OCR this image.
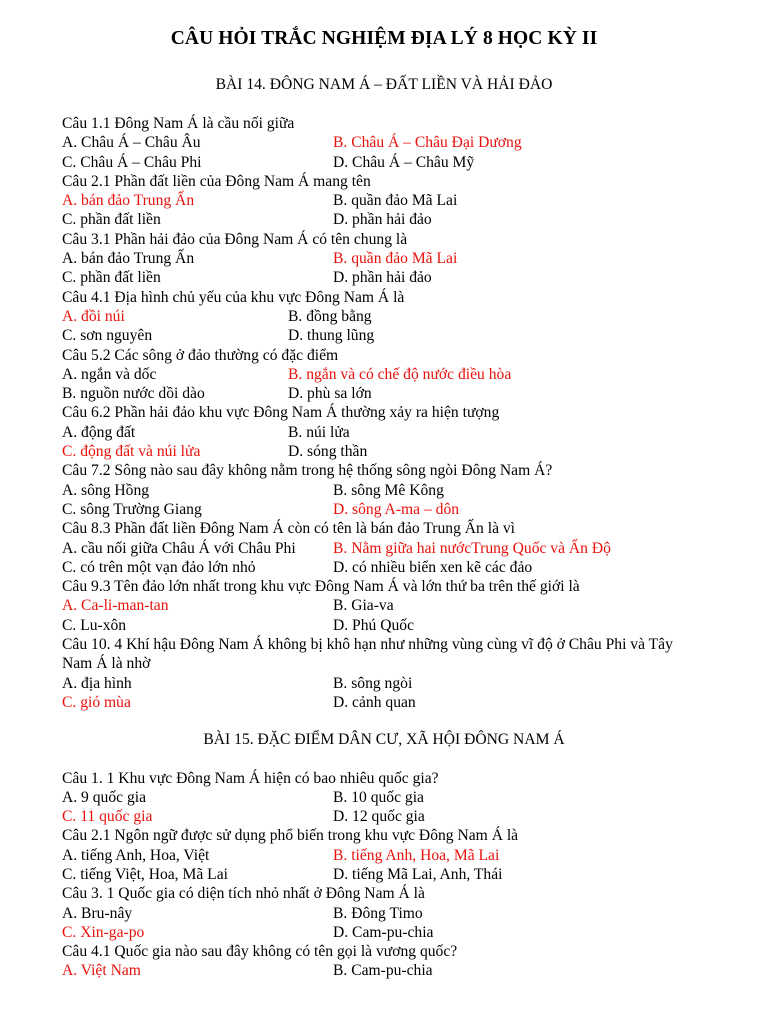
CÂU HỎI TRẮC NGHIỆM ĐỊA LÝ 8 HỌC KỲ II
BÀI 14. ĐÔNG NAM Á – ĐẤT LIỀN VÀ HẢI ĐẢO
Câu 1.1 Đông Nam Á là cầu nối giữa
A. Châu Á – Châu Âu	B. Châu Á – Châu Đại Dương
C. Châu Á – Châu Phi	D. Châu Á – Châu Mỹ
Câu 2.1 Phần đất liền của Đông Nam Á mang tên
A. bán đảo Trung Ấn	B. quần đảo Mã Lai
C. phần đất liền	D. phần hải đảo
Câu 3.1 Phần hải đảo của Đông Nam Á có tên chung là
A. bán đảo Trung Ấn	B. quần đảo Mã Lai
C. phần đất liền	D. phần hải đảo
Câu 4.1 Địa hình chủ yếu của khu vực Đông Nam Á là
A. đồi núi	B. đồng bằng
C. sơn nguyên	D. thung lũng
Câu 5.2 Các sông ở đảo thường có đặc điểm
A. ngắn và dốc	B. ngắn và có chế độ nước điều hòa
B. nguồn nước dồi dào	D. phù sa lớn
Câu 6.2 Phần hải đảo khu vực Đông Nam Á thường xảy ra hiện tượng
A. động đất	B. núi lửa
C. động đất và núi lửa	D. sóng thần
Câu 7.2 Sông nào sau đây không nằm trong hệ thống sông ngòi Đông Nam Á?
A. sông Hồng	B. sông Mê Kông
C. sông Trường Giang	D. sông A-ma – dôn
Câu 8.3 Phần đất liền Đông Nam Á còn có tên là bán đảo Trung Ấn là vì
A. cầu nối giữa Châu Á với Châu Phi B. Nằm giữa hai nướcTrung Quốc và Ấn Độ
C. có trên một vạn đảo lớn nhỏ	D. có nhiều biển xen kẽ các đảo
Câu 9.3 Tên đảo lớn nhất trong khu vực Đông Nam Á và lớn thứ ba trên thế giới là
A. Ca-li-man-tan	B. Gia-va
C. Lu-xôn	D. Phú Quốc
Câu 10. 4 Khí hậu Đông Nam Á không bị khô hạn như những vùng cùng vĩ độ ở Châu Phi và Tây
Nam Á là nhờ
A. địa hình	B. sông ngòi
C. gió mùa	D. cảnh quan
BÀI 15. ĐẶC ĐIỂM DÂN CƯ, XÃ HỘI ĐÔNG NAM Á
Câu 1. 1 Khu vực Đông Nam Á hiện có bao nhiêu quốc gia?
A. 9 quốc gia	B. 10 quốc gia
C. 11 quốc gia	D. 12 quốc gia
Câu 2.1 Ngôn ngữ được sử dụng phổ biến trong khu vực Đông Nam Á là
A. tiếng Anh, Hoa, Việt	B. tiếng Anh, Hoa, Mã Lai
C. tiếng Việt, Hoa, Mã Lai	D. tiếng Mã Lai, Anh, Thái
Câu 3. 1 Quốc gia có diện tích nhỏ nhất ở Đông Nam Á là
A. Bru-nây	B. Đông Timo
C. Xin-ga-po	D. Cam-pu-chia
Câu 4.1 Quốc gia nào sau đây không có tên gọi là vương quốc?
A. Việt Nam	B. Cam-pu-chia
